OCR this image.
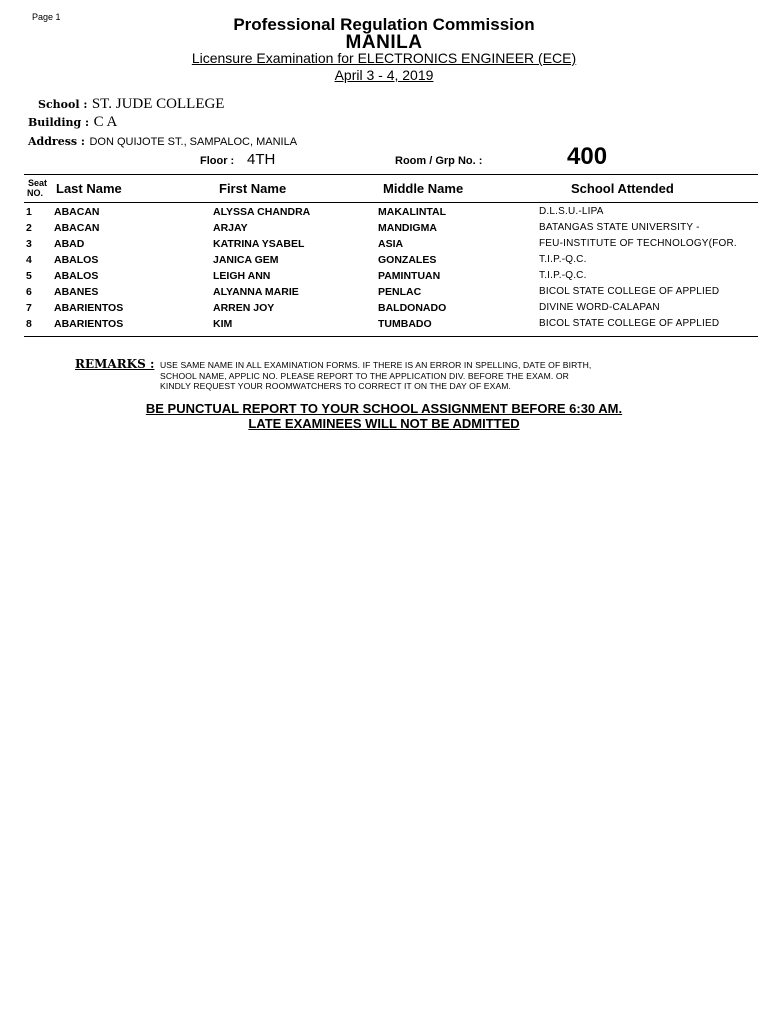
Page 1	Professional Regulation Commission
MANILA
Licensure Examination for ELECTRONICS ENGINEER (ECE)
April 3 - 4, 2019
School : ST. JUDE COLLEGE
Building : C A
Address : DON QUIJOTE ST., SAMPALOC, MANILA
Floor : 4TH	Room / Grp No. :	400
Seat
NO. Last Name	First Name	Middle Name	School Attended
1 ABACAN	ALYSSA CHANDRA	MAKALINTAL	D.L.S.U.-LIPA
2 ABACAN	ARJAY	MANDIGMA	BATANGAS STATE UNIVERSITY -
3 ABAD	KATRINA YSABEL	ASIA	FEU-INSTITUTE OF TECHNOLOGY(FOR.
4 ABALOS	JANICA GEM	GONZALES	T.I.P.-Q.C.
5 ABALOS	LEIGH ANN	PAMINTUAN	T.I.P.-Q.C.
6 ABANES	ALYANNA MARIE	PENLAC	BICOL STATE COLLEGE OF APPLIED
7 ABARIENTOS	ARREN JOY	BALDONADO	DIVINE WORD-CALAPAN
8 ABARIENTOS	KIM	TUMBADO	BICOL STATE COLLEGE OF APPLIED
REMARKS : USE SAME NAME IN ALL EXAMINATION FORMS. IF THERE IS AN ERROR IN SPELLING, DATE OF BIRTH,
SCHOOL NAME, APPLIC NO. PLEASE REPORT TO THE APPLICATION DIV. BEFORE THE EXAM. OR
KINDLY REQUEST YOUR ROOMWATCHERS TO CORRECT IT ON THE DAY OF EXAM.
BE PUNCTUAL REPORT TO YOUR SCHOOL ASSIGNMENT BEFORE 6:30 AM.
LATE EXAMINEES WILL NOT BE ADMITTED
